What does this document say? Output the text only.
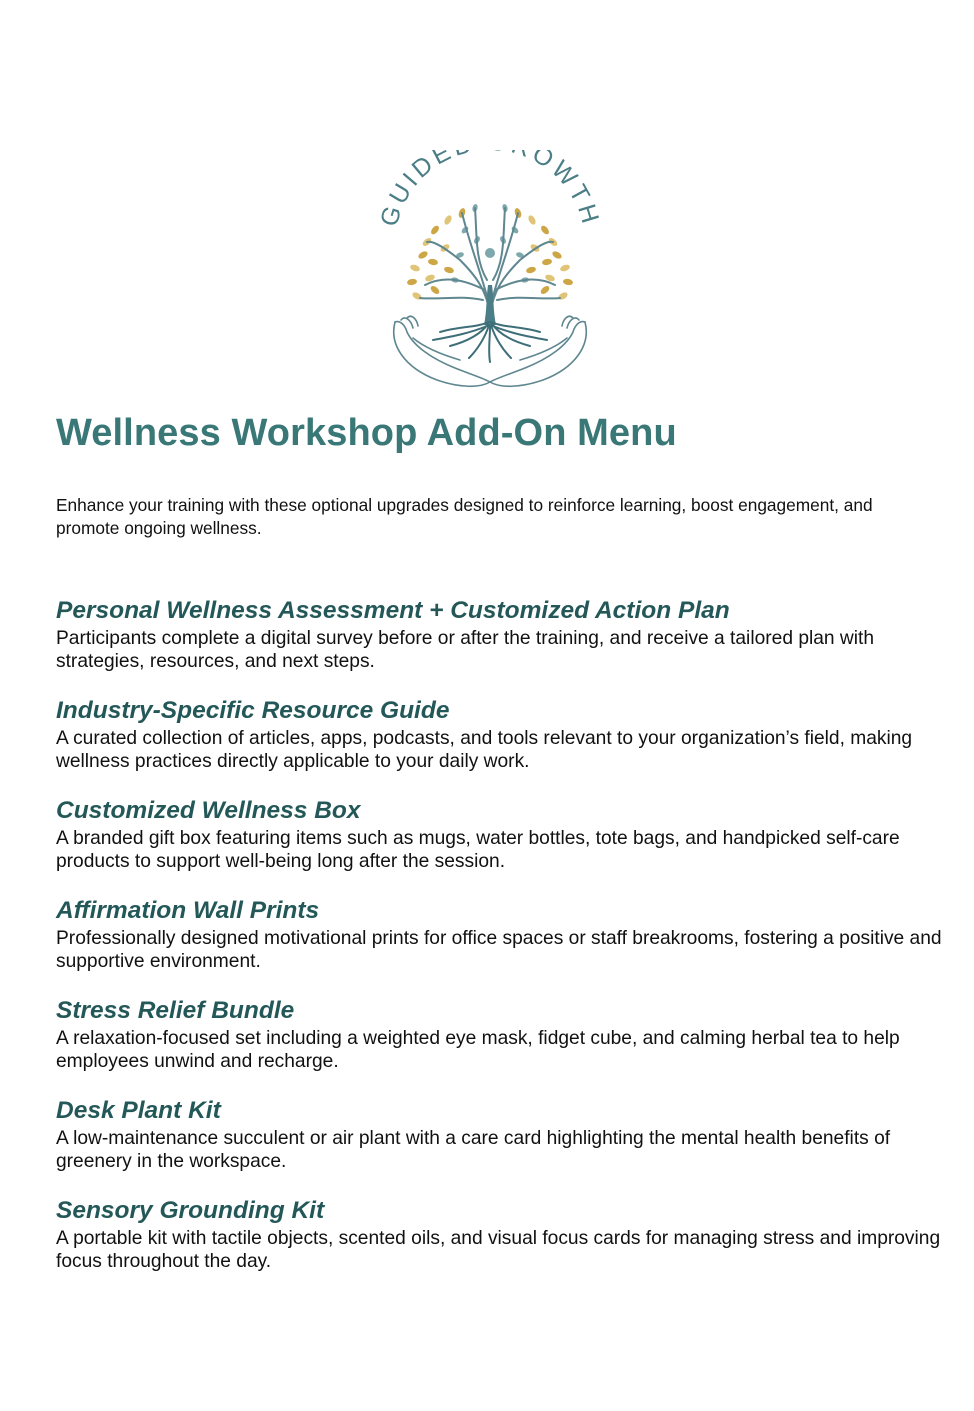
GUIDE OWTH
Wellness Workshop Add-On Menu

Enhance your training with these optional upgrades designed to reinforce learning, boost engagement, and promote ongoing wellness.

Personal Wellness Assessment + Customized Action Plan

Participants complete a digital survey before or after the training, and receive a tailored plan with strategies, resources, and next steps.

Industry-Specific Resource Guide

A curated collection of articles, apps, podcasts, and tools relevant to your organization’s field, making wellness practices directly applicable to your daily work.

Customized Wellness Box

A branded gift box featuring items such as mugs, water bottles, tote bags, and handpicked self-care products to support well-being long after the session.

Affirmation Wall Prints

Professionally designed motivational prints for office spaces or staff breakrooms, fostering a positive and supportive environment.

Stress Relief Bundle

A relaxation-focused set including a weighted eye mask, fidget cube, and calming herbal tea to help employees unwind and recharge.

Desk Plant Kit

A low-maintenance succulent or air plant with a care card highlighting the mental health benefits of greenery in the workspace.

Sensory Grounding Kit

A portable kit with tactile objects, scented oils, and visual focus cards for managing stress and improving focus throughout the day.
